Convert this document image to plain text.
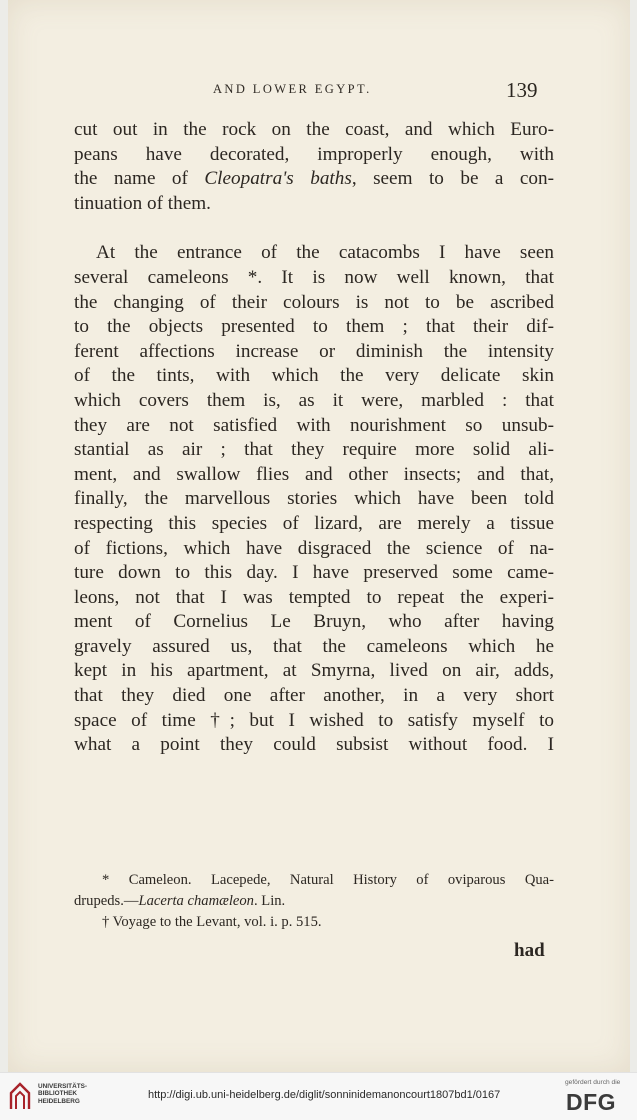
AND LOWER EGYPT.	139
cut out in the rock on the coast, and which Euro-
peans have decorated, improperly enough, with
the name of Cleopatra's baths, seem to be a con-
tinuation of them.
At the entrance of the catacombs I have seen
several cameleons *. It is now well known, that
the changing of their colours is not to be ascribed
to the objects presented to them ; that their dif-
ferent affections increase or diminish the intensity
of the tints, with which the very delicate skin
which covers them is, as it were, marbled : that
they are not satisfied with nourishment so unsub-
stantial as air ; that they require more solid ali-
ment, and swallow flies and other insects; and that,
finally, the marvellous stories which have been told
respecting this species of lizard, are merely a tissue
of fictions, which have disgraced the science of na-
ture down to this day. I have preserved some came-
leons, not that I was tempted to repeat the experi-
ment of Cornelius Le Bruyn, who after having
gravely assured us, that the cameleons which he
kept in his apartment, at Smyrna, lived on air, adds,
that they died one after another, in a very short
space of time †; but I wished to satisfy myself to
what a point they could subsist without food. I
* Cameleon. Lacepede, Natural History of oviparous Qua-
drupeds.—Lacerta chamæleon. Lin.
† Voyage to the Levant, vol. i. p. 515.
had
UNIVERSITÄTS-
BIBLIOTHEK
HEIDELBERG
http://digi.ub.uni-heidelberg.de/diglit/sonninidemanoncourt1807bd1/0167
gefördert durch die
DFG
